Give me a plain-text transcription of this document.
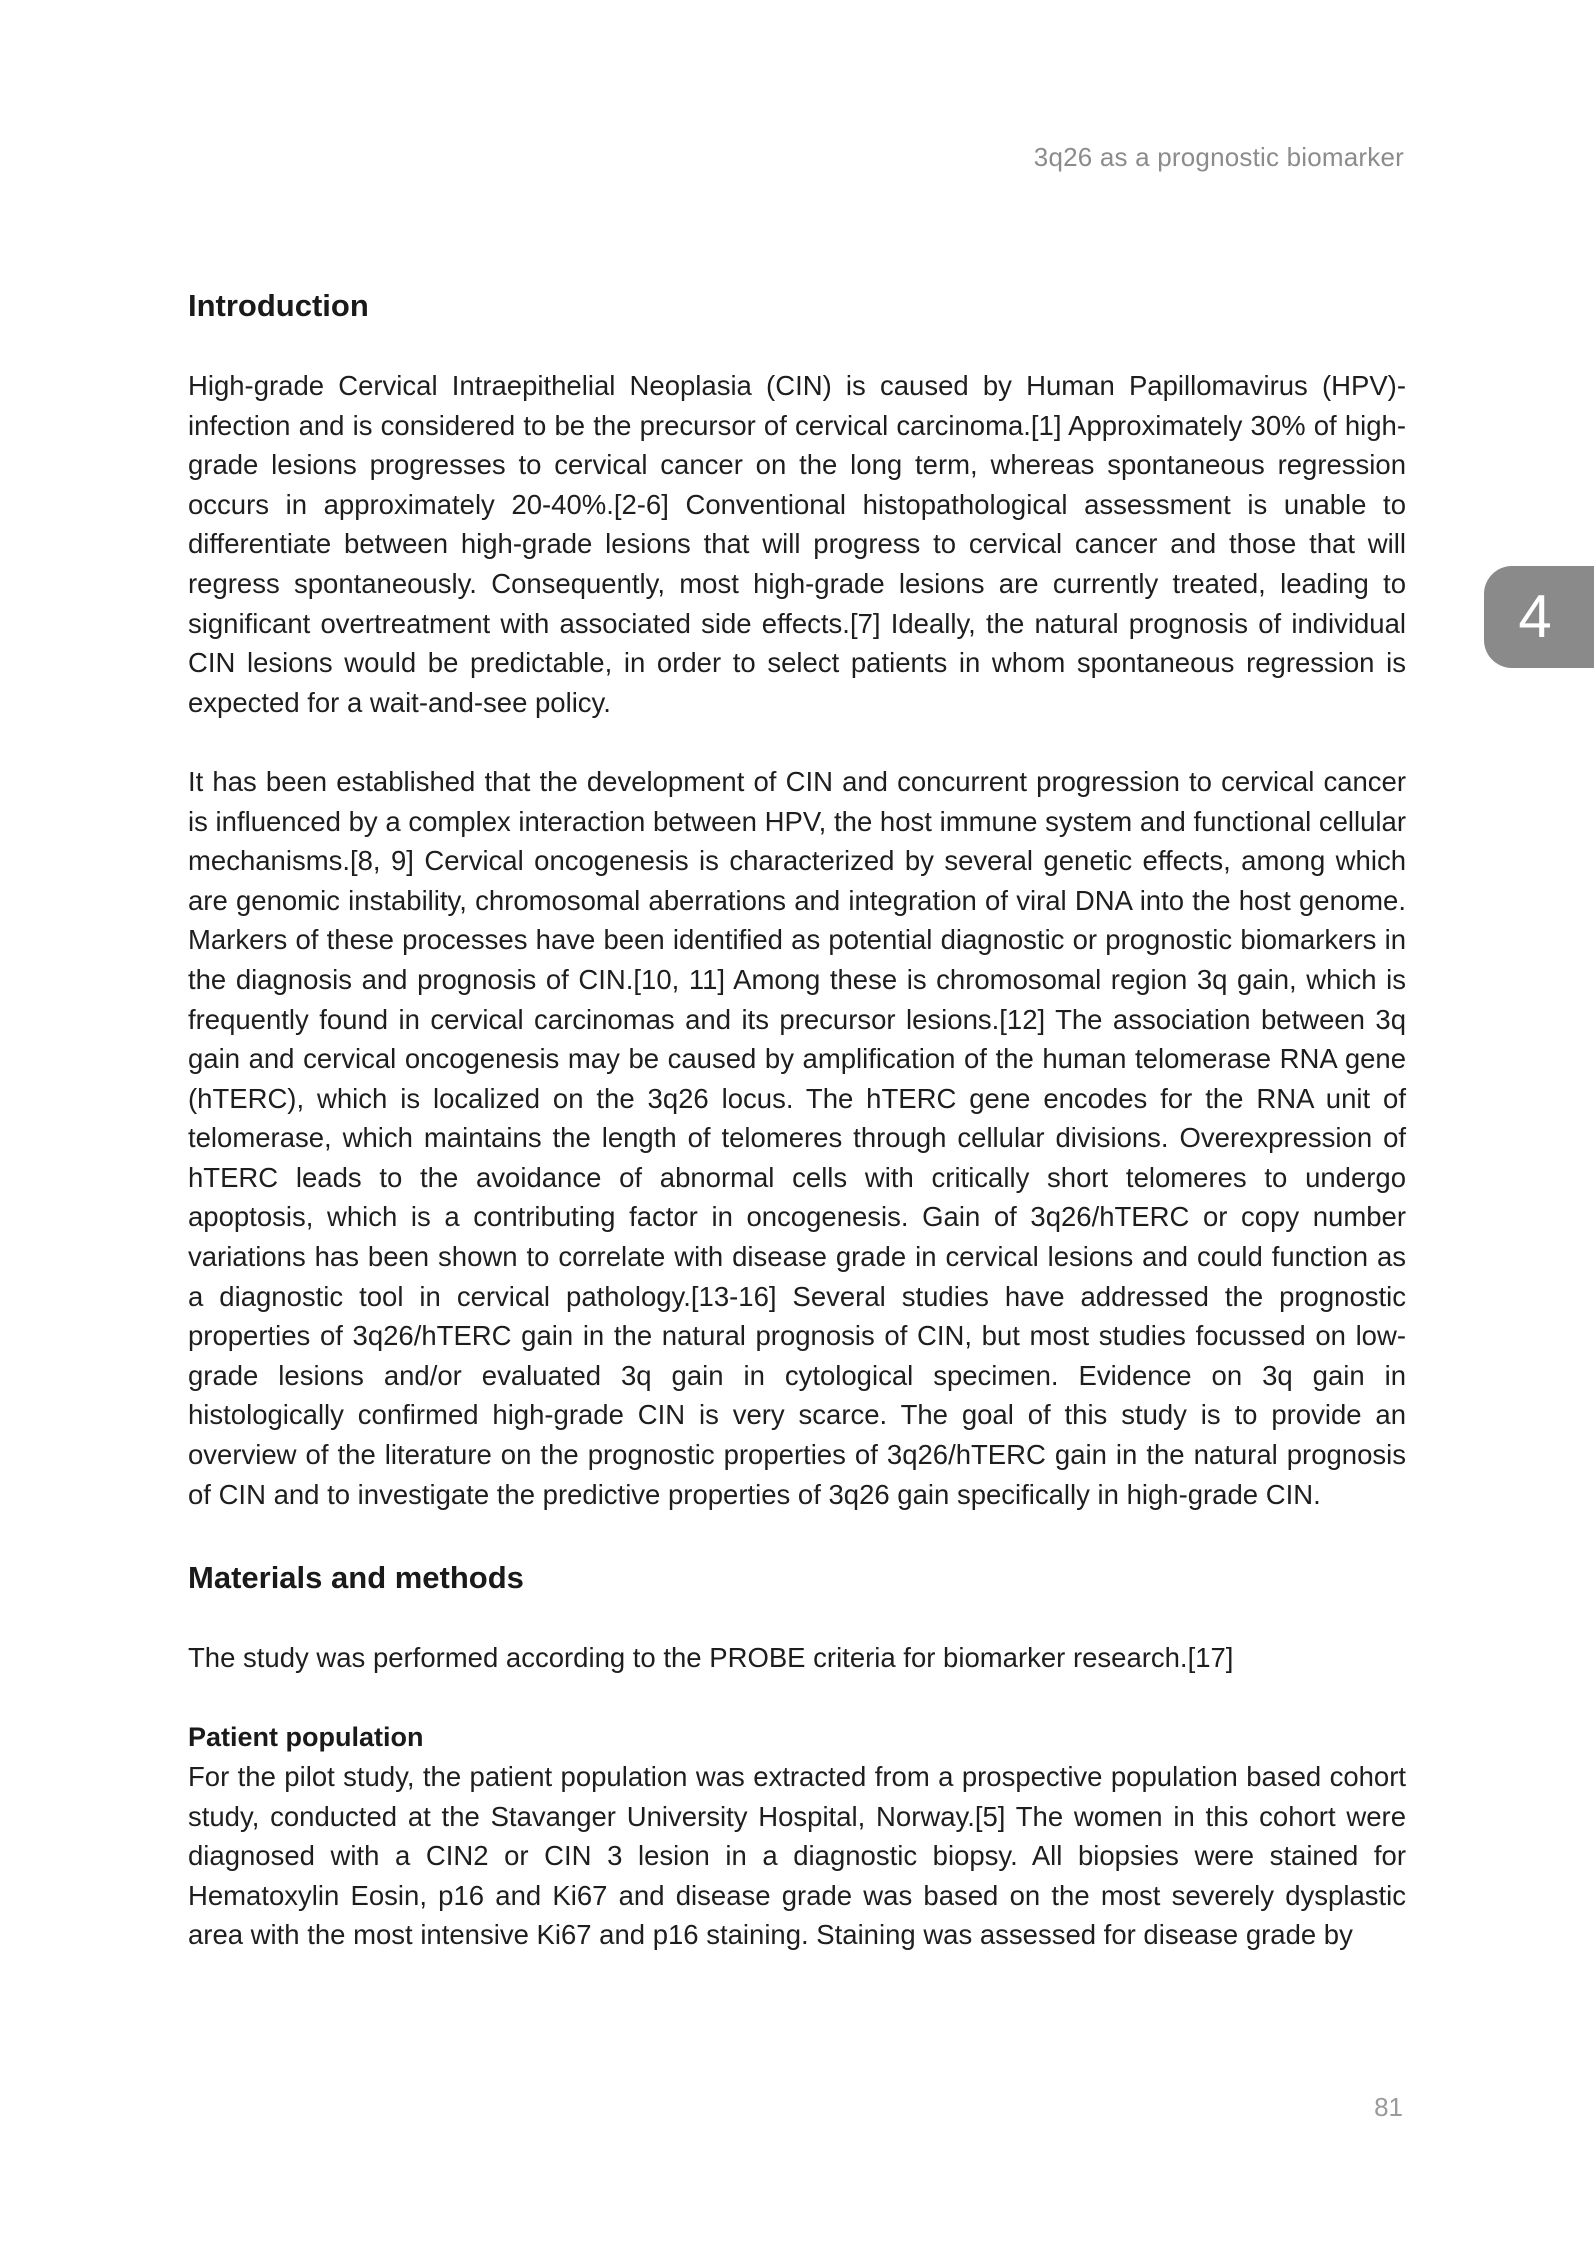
3q26 as a prognostic biomarker
4
Introduction

High-grade Cervical Intraepithelial Neoplasia (CIN) is caused by Human Papillomavirus (HPV)-infection and is considered to be the precursor of cervical carcinoma.[1] Approximately 30% of high-grade lesions progresses to cervical cancer on the long term, whereas spontaneous regression occurs in approximately 20-40%.[2-6] Conventional histopathological assessment is unable to differentiate between high-grade lesions that will progress to cervical cancer and those that will regress spontaneously. Consequently, most high-grade lesions are currently treated, leading to significant overtreatment with associated side effects.[7] Ideally, the natural prognosis of individual CIN lesions would be predictable, in order to select patients in whom spontaneous regression is expected for a wait-and-see policy.

It has been established that the development of CIN and concurrent progression to cervical cancer is influenced by a complex interaction between HPV, the host immune system and functional cellular mechanisms.[8, 9] Cervical oncogenesis is characterized by several genetic effects, among which are genomic instability, chromosomal aberrations and integration of viral DNA into the host genome. Markers of these processes have been identified as potential diagnostic or prognostic biomarkers in the diagnosis and prognosis of CIN.[10, 11] Among these is chromosomal region 3q gain, which is frequently found in cervical carcinomas and its precursor lesions.[12] The association between 3q gain and cervical oncogenesis may be caused by amplification of the human telomerase RNA gene (hTERC), which is localized on the 3q26 locus. The hTERC gene encodes for the RNA unit of telomerase, which maintains the length of telomeres through cellular divisions. Overexpression of hTERC leads to the avoidance of abnormal cells with critically short telomeres to undergo apoptosis, which is a contributing factor in oncogenesis. Gain of 3q26/hTERC or copy number variations has been shown to correlate with disease grade in cervical lesions and could function as a diagnostic tool in cervical pathology.[13-16] Several studies have addressed the prognostic properties of 3q26/hTERC gain in the natural prognosis of CIN, but most studies focussed on low-grade lesions and/or evaluated 3q gain in cytological specimen. Evidence on 3q gain in histologically confirmed high-grade CIN is very scarce. The goal of this study is to provide an overview of the literature on the prognostic properties of 3q26/hTERC gain in the natural prognosis of CIN and to investigate the predictive properties of 3q26 gain specifically in high-grade CIN.

Materials and methods

The study was performed according to the PROBE criteria for biomarker research.[17]

Patient population

For the pilot study, the patient population was extracted from a prospective population based cohort study, conducted at the Stavanger University Hospital, Norway.[5] The women in this cohort were diagnosed with a CIN2 or CIN 3 lesion in a diagnostic biopsy. All biopsies were stained for Hematoxylin Eosin, p16 and Ki67 and disease grade was based on the most severely dysplastic area with the most intensive Ki67 and p16 staining. Staining was assessed for disease grade by

81
